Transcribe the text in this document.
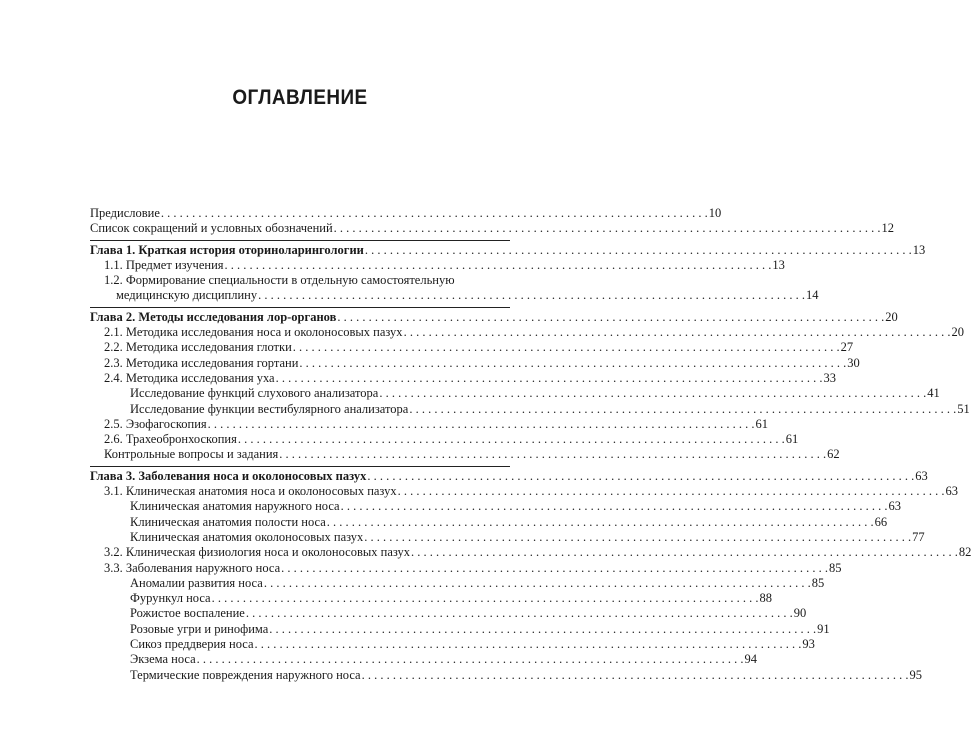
ОГЛАВЛЕНИЕ
Предисловие . . .	10
Список сокращений и условных обозначений . . .	12
Глава 1. Краткая история оториноларингологии . . .	13
1.1. Предмет изучения . . .	13
1.2. Формирование специальности в отдельную самостоятельную
медицинскую дисциплину . . .	14
Глава 2. Методы исследования лор-органов . . .	20
2.1. Методика исследования носа и околоносовых пазух . . .	20
2.2. Методика исследования глотки . . .	27
2.3. Методика исследования гортани . . .	30
2.4. Методика исследования уха . . .	33
Исследование функций слухового анализатора . . .	41
Исследование функции вестибулярного анализатора . . .	51
2.5. Эзофагоскопия . . .	61
2.6. Трахеобронхоскопия . . .	61
Контрольные вопросы и задания . . .	62
Глава 3. Заболевания носа и околоносовых пазух . . .	63
3.1. Клиническая анатомия носа и околоносовых пазух . . .	63
Клиническая анатомия наружного носа . . .	63
Клиническая анатомия полости носа . . .	66
Клиническая анатомия околоносовых пазух . . .	77
3.2. Клиническая физиология носа и околоносовых пазух . . .	82
3.3. Заболевания наружного носа . . .	85
Аномалии развития носа . . .	85
Фурункул носа . . .	88
Рожистое воспаление . . .	90
Розовые угри и ринофима . . .	91
Сикоз преддверия носа . . .	93
Экзема носа . . .	94
Термические повреждения наружного носа . . .	95
